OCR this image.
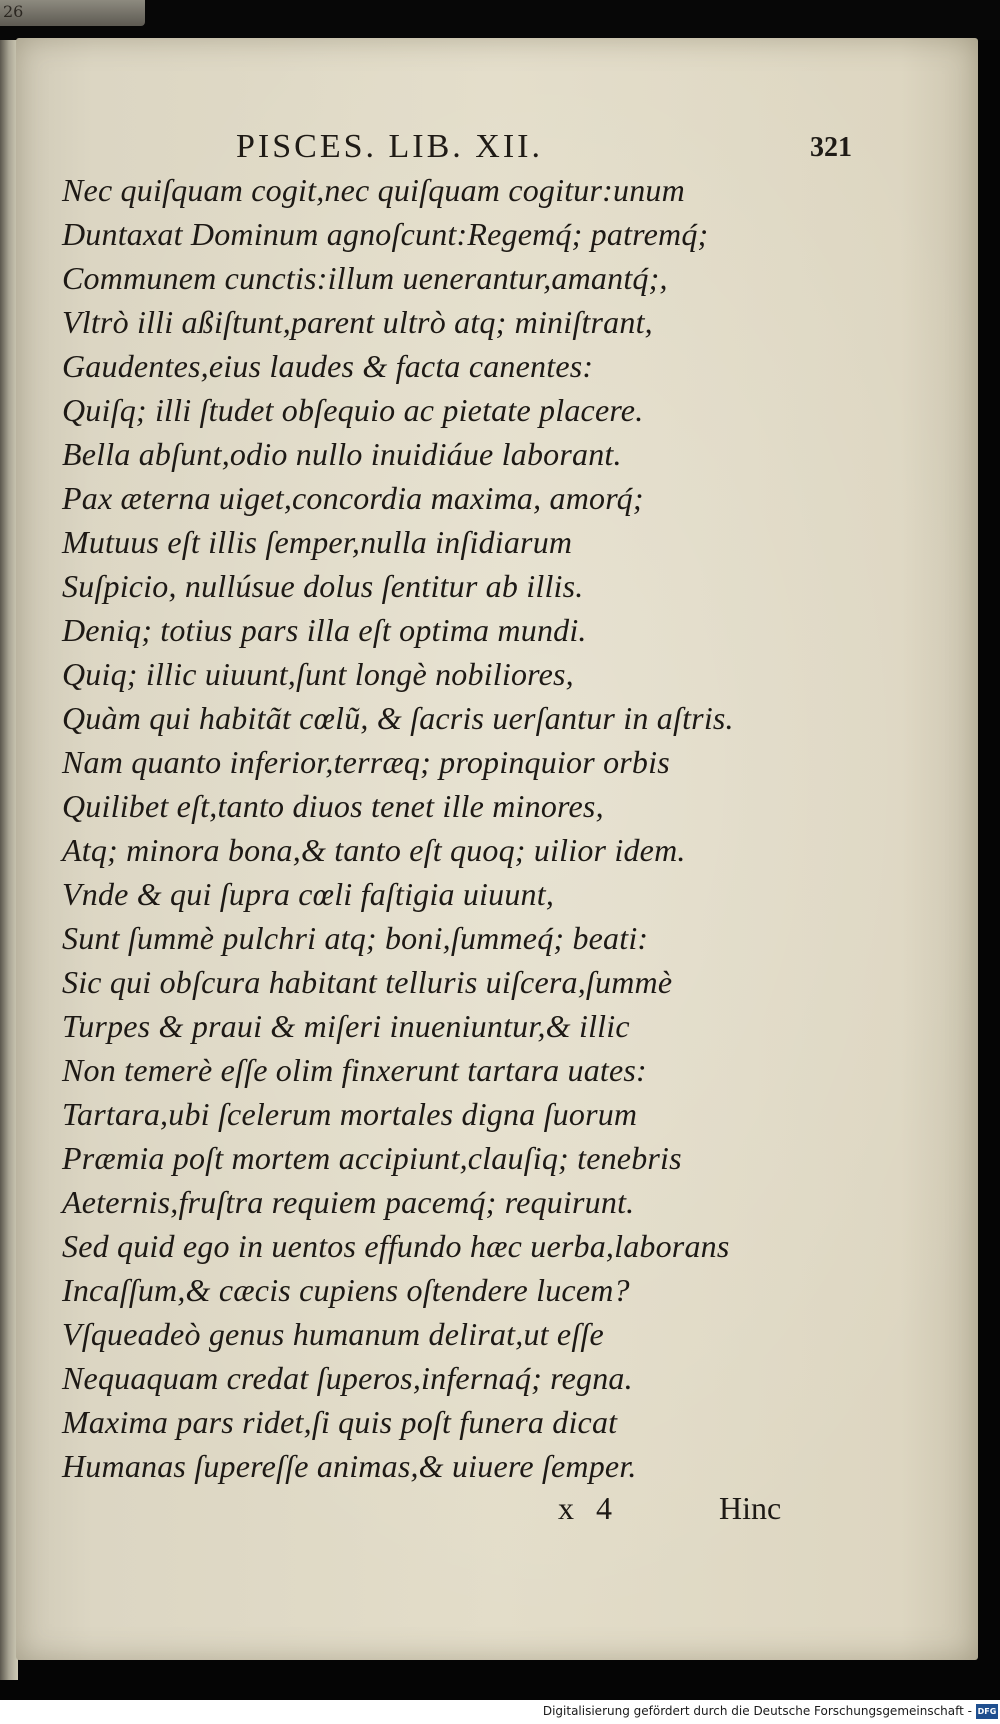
26
PISCES. LIB. XII.	321
Nec quiſquam cogit,nec quiſquam cogitur:unum
Duntaxat Dominum agnoſcunt:Regemq́; patremq́;
Communem cunctis:illum uenerantur,amantq́;,
Vltrò illi aßiſtunt,parent ultrò atq; miniſtrant,
Gaudentes,eius laudes & facta canentes:
Quiſq; illi ſtudet obſequio ac pietate placere.
Bella abſunt,odio nullo inuidiáue laborant.
Pax æterna uiget,concordia maxima, amorq́;
Mutuus eſt illis ſemper,nulla inſidiarum
Suſpicio, nullúsue dolus ſentitur ab illis.
Deniq; totius pars illa eſt optima mundi.
Quiq; illic uiuunt,ſunt longè nobiliores,
Quàm qui habitãt cœlũ, & ſacris uerſantur in aſtris.
Nam quanto inferior,terræq; propinquior orbis
Quilibet eſt,tanto diuos tenet ille minores,
Atq; minora bona,& tanto eſt quoq; uilior idem.
Vnde & qui ſupra cœli faſtigia uiuunt,
Sunt ſummè pulchri atq; boni,ſummeq́; beati:
Sic qui obſcura habitant telluris uiſcera,ſummè
Turpes & praui & miſeri inueniuntur,& illic
Non temerè eſſe olim finxerunt tartara uates:
Tartara,ubi ſcelerum mortales digna ſuorum
Præmia poſt mortem accipiunt,clauſiq; tenebris
Aeternis,fruſtra requiem pacemq́; requirunt.
Sed quid ego in uentos effundo hæc uerba,laborans
Incaſſum,& cæcis cupiens oſtendere lucem?
Vſqueadeò genus humanum delirat,ut eſſe
Nequaquam credat ſuperos,infernaq́; regna.
Maxima pars ridet,ſi quis poſt funera dicat
Humanas ſupereſſe animas,& uiuere ſemper.
x 4	Hinc
Digitalisierung gefördert durch die Deutsche Forschungsgemeinschaft - DFG
